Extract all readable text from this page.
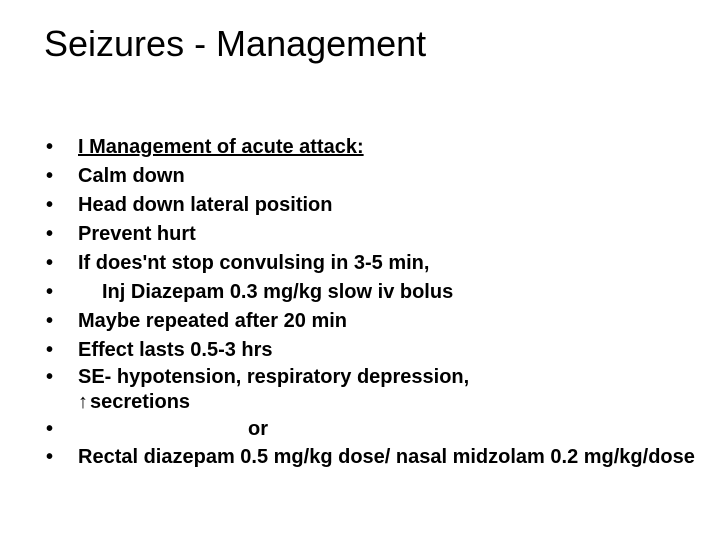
Seizures - Management
• I Management of acute attack:
• Calm down
• Head down lateral position
• Prevent hurt
• If does'nt stop convulsing in 3-5 min,
• Inj Diazepam 0.3 mg/kg slow iv bolus
• Maybe repeated after 20 min
• Effect lasts 0.5-3 hrs
• SE- hypotension, respiratory depression,
↑ secretions
•	or
• Rectal diazepam 0.5 mg/kg dose/ nasal midzolam 0.2 mg/kg/dose
